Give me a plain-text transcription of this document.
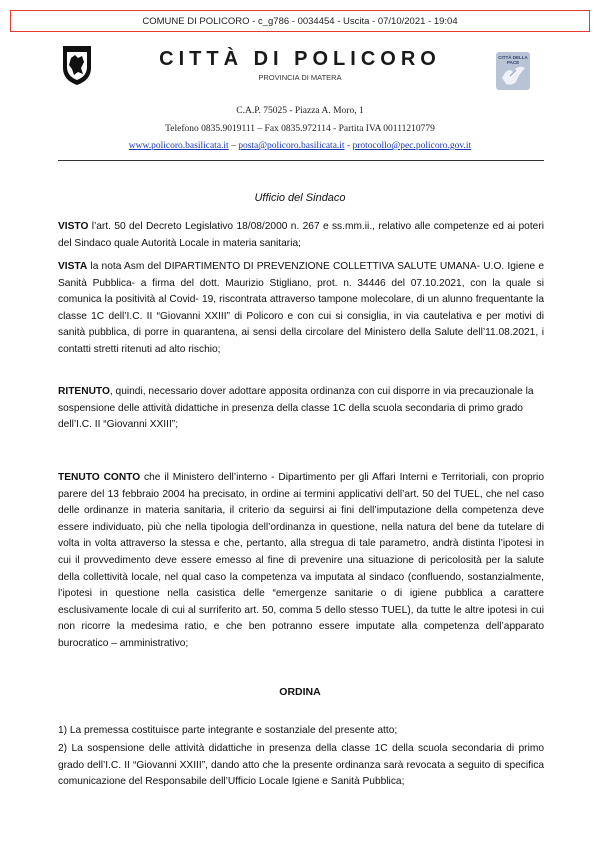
COMUNE DI POLICORO - c_g786 - 0034454 - Uscita - 07/10/2021 - 19:04
CITTÀ DI POLICORO
PROVINCIA DI MATERA
CITTÀ DELLA PACE
C.A.P. 75025 - Piazza A. Moro, 1
Telefono 0835.9019111 – Fax 0835.972114 - Partita IVA 00111210779
www.policoro.basilicata.it – posta@policoro.basilicata.it - protocollo@pec.policoro.gov.it
Ufficio del Sindaco

VISTO l’art. 50 del Decreto Legislativo 18/08/2000 n. 267 e ss.mm.ii., relativo alle competenze ed ai poteri del Sindaco quale Autorità Locale in materia sanitaria;

VISTA la nota Asm del DIPARTIMENTO DI PREVENZIONE COLLETTIVA SALUTE UMANA- U.O. Igiene e Sanità Pubblica- a firma del dott. Maurizio Stigliano, prot. n. 34446 del 07.10.2021, con la quale si comunica la positività al Covid- 19, riscontrata attraverso tampone molecolare, di un alunno frequentante la classe 1C dell’I.C. II “Giovanni XXIII” di Policoro e con cui si consiglia, in via cautelativa e per motivi di sanità pubblica, di porre in quarantena, ai sensi della circolare del Ministero della Salute dell’11.08.2021, i contatti stretti ritenuti ad alto rischio;

RITENUTO, quindi, necessario dover adottare apposita ordinanza con cui disporre in via precauzionale la
sospensione delle attività didattiche in presenza della classe 1C della scuola secondaria di primo grado dell’I.C. II “Giovanni XXIII”;

TENUTO CONTO che il Ministero dell’interno - Dipartimento per gli Affari Interni e Territoriali, con proprio parere del 13 febbraio 2004 ha precisato, in ordine ai termini applicativi dell’art. 50 del TUEL, che nel caso delle ordinanze in materia sanitaria, il criterio da seguirsi ai fini dell’imputazione della competenza deve essere individuato, più che nella tipologia dell’ordinanza in questione, nella natura del bene da tutelare di volta in volta attraverso la stessa e che, pertanto, alla stregua di tale parametro, andrà distinta l’ipotesi in cui il provvedimento deve essere emesso al fine di prevenire una situazione di pericolosità per la salute della collettività locale, nel qual caso la competenza va imputata al sindaco (confluendo, sostanzialmente, l’ipotesi in questione nella casistica delle “emergenze sanitarie o di igiene pubblica a carattere esclusivamente locale di cui al surriferito art. 50, comma 5 dello stesso TUEL), da tutte le altre ipotesi in cui non ricorre la medesima ratio, e che ben potranno essere imputate alla competenza dell’apparato burocratico – amministrativo;

ORDINA

1) La premessa costituisce parte integrante e sostanziale del presente atto;

2) La sospensione delle attività didattiche in presenza della classe 1C della scuola secondaria di primo grado dell’I.C. II “Giovanni XXIII”, dando atto che la presente ordinanza sarà revocata a seguito di specifica comunicazione del Responsabile dell’Ufficio Locale Igiene e Sanità Pubblica;
